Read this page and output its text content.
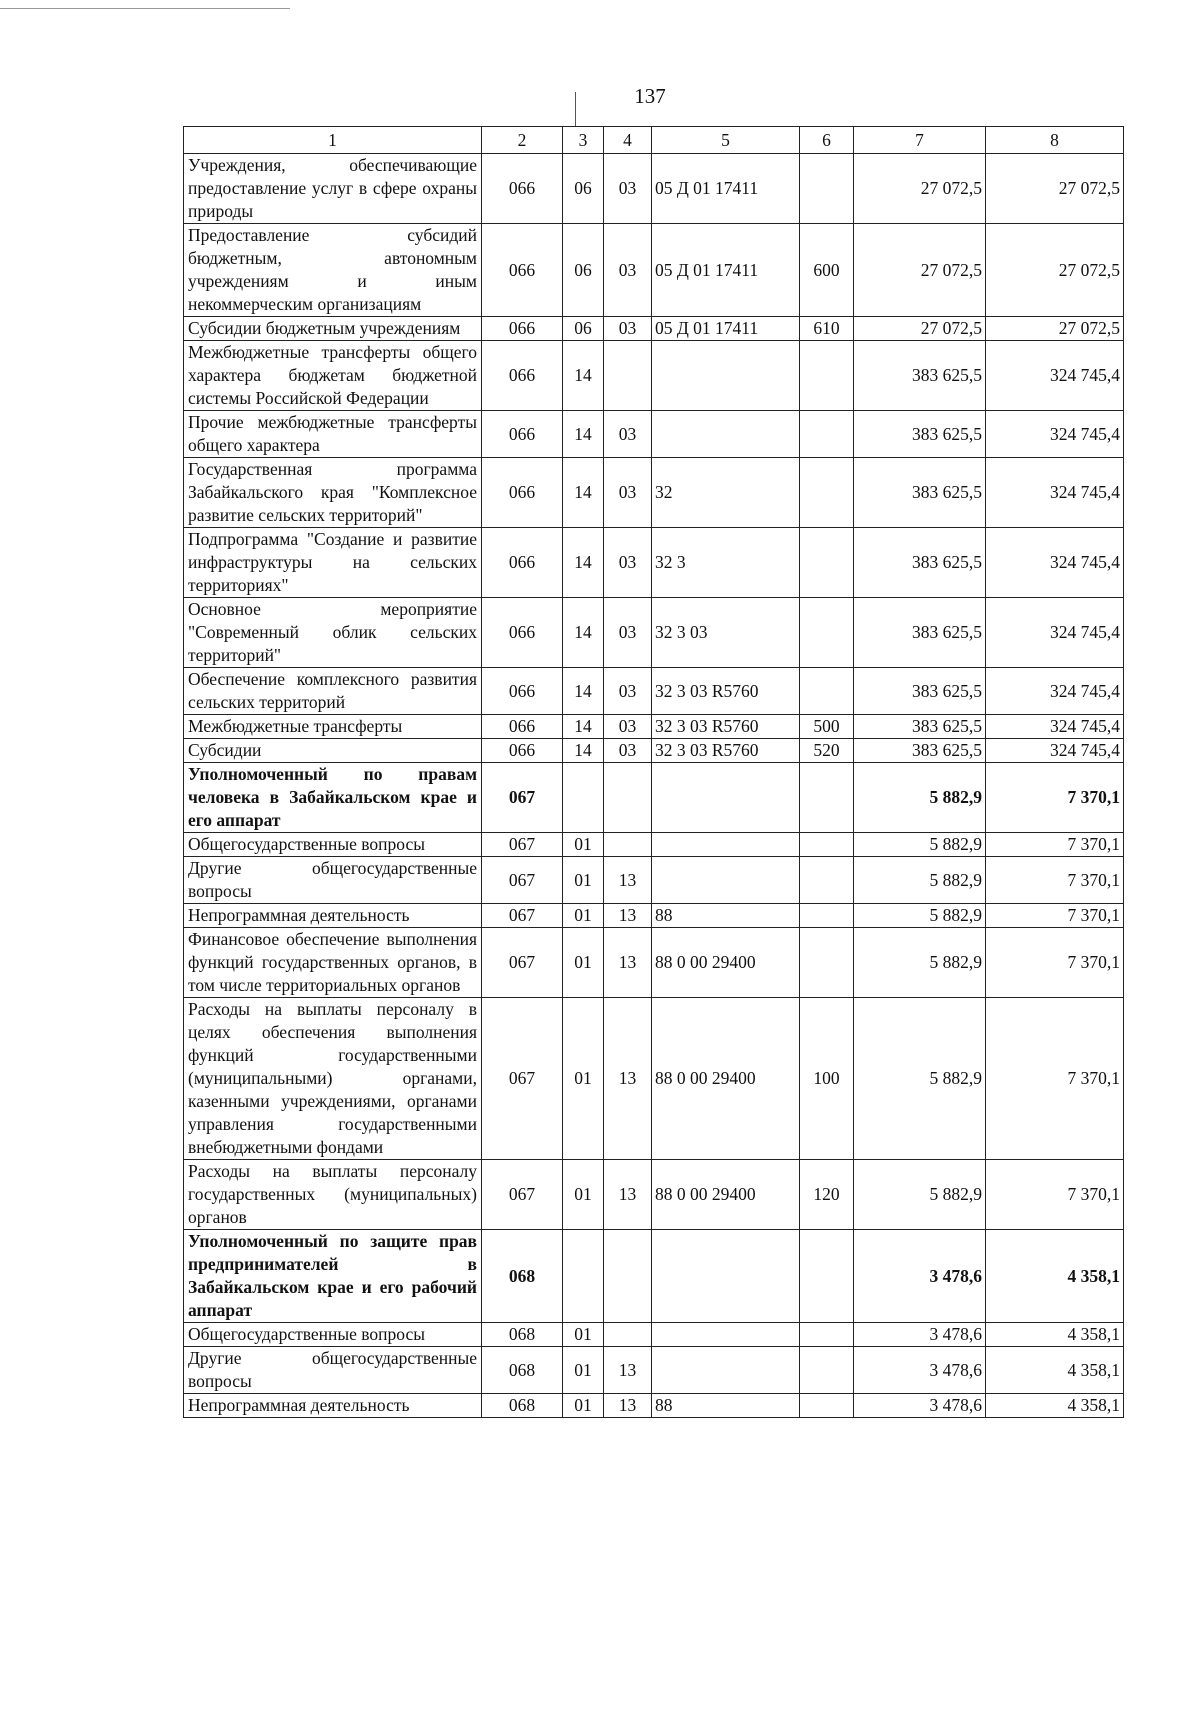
137
1	2	3	4	5	6	7	8
Учреждения, обеспечивающие предоставление услуг в сфере охраны природы	066	06	03	05 Д 01 17411		27 072,5	27 072,5
Предоставление субсидий бюджетным, автономным учреждениям и иным некоммерческим организациям	066	06	03	05 Д 01 17411	600	27 072,5	27 072,5
Субсидии бюджетным учреждениям	066	06	03	05 Д 01 17411	610	27 072,5	27 072,5
Межбюджетные трансферты общего характера бюджетам бюджетной системы Российской Федерации	066	14				383 625,5	324 745,4
Прочие межбюджетные трансферты общего характера	066	14	03			383 625,5	324 745,4
Государственная программа Забайкальского края "Комплексное развитие сельских территорий"	066	14	03	32		383 625,5	324 745,4
Подпрограмма "Создание и развитие инфраструктуры на сельских территориях"	066	14	03	32 3		383 625,5	324 745,4
Основное мероприятие "Современный облик сельских территорий"	066	14	03	32 3 03		383 625,5	324 745,4
Обеспечение комплексного развития сельских территорий	066	14	03	32 3 03 R5760		383 625,5	324 745,4
Межбюджетные трансферты	066	14	03	32 3 03 R5760	500	383 625,5	324 745,4
Субсидии	066	14	03	32 3 03 R5760	520	383 625,5	324 745,4
Уполномоченный по правам человека в Забайкальском крае и его аппарат	067					5 882,9	7 370,1
Общегосударственные вопросы	067	01				5 882,9	7 370,1
Другие общегосударственные вопросы	067	01	13			5 882,9	7 370,1
Непрограммная деятельность	067	01	13	88		5 882,9	7 370,1
Финансовое обеспечение выполнения функций государственных органов, в том числе территориальных органов	067	01	13	88 0 00 29400		5 882,9	7 370,1
Расходы на выплаты персоналу в целях обеспечения выполнения функций государственными (муниципальными) органами, казенными учреждениями, органами управления государственными внебюджетными фондами	067	01	13	88 0 00 29400	100	5 882,9	7 370,1
Расходы на выплаты персоналу государственных (муниципальных) органов	067	01	13	88 0 00 29400	120	5 882,9	7 370,1
Уполномоченный по защите прав предпринимателей в Забайкальском крае и его рабочий аппарат	068					3 478,6	4 358,1
Общегосударственные вопросы	068	01				3 478,6	4 358,1
Другие общегосударственные вопросы	068	01	13			3 478,6	4 358,1
Непрограммная деятельность	068	01	13	88		3 478,6	4 358,1
